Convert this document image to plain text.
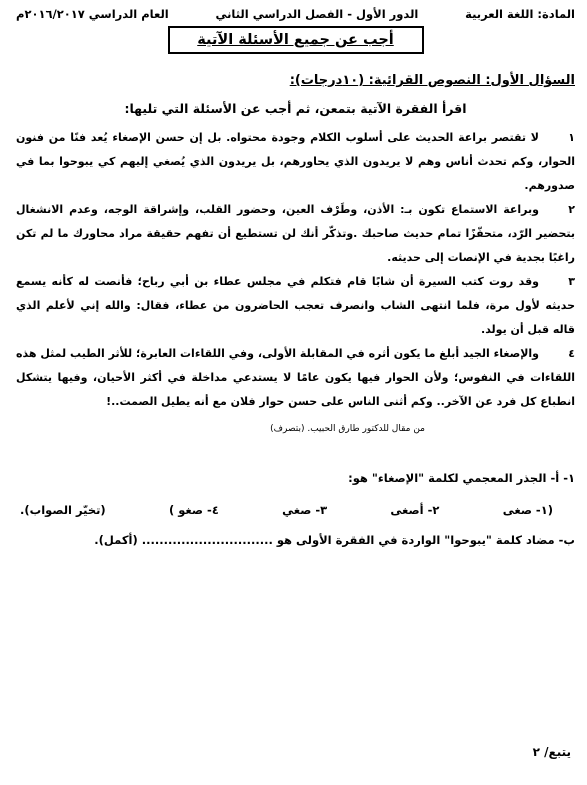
المادة: اللغة العربية
الدور الأول - الفصل الدراسي الثاني
العام الدراسي ٢٠١٦/٢٠١٧م
أجب عن جميع الأسئلة الآتية
السؤال الأول: النصوص القرائية: (١٠درجات):
اقرأ الفقرة الآتية بتمعن، ثم أجب عن الأسئلة التي تليها:

١لا تقتصر براعة الحديث على أسلوب الكلام وجودة محتواه. بل إن حسن الإصغاء يُعد فنًا من فنون الحوار، وكم تحدث أناس وهم لا يريدون الذي يحاورهم، بل يريدون الذي يُصغي إليهم كي يبوحوا بما في صدورهم.

٢وبراعة الاستماع تكون بـ: الأذن، وطَرْف العين، وحضور القلب، وإشراقة الوجه، وعدم الانشغال بتحضير الرّد، متحفّزًا تمام حديث صاحبك .وتذكّر أنك لن تستطيع أن تفهم حقيقة مراد محاورك ما لم تكن راغبًا بجدية في الإنصات إلى حديثه.

٣وقد روت كتب السيرة أن شابًا قام فتكلم في مجلس عطاء بن أبي رباح؛ فأنصت له كأنه يسمع حديثه لأول مرة، فلما انتهى الشاب وانصرف تعجب الحاضرون من عطاء، فقال: والله إني لأعلم الذي قاله قبل أن يولد.

٤والإصغاء الجيد أبلغ ما يكون أثره في المقابلة الأولى، وفي اللقاءات العابرة؛ للأثر الطيب لمثل هذه اللقاءات في النفوس؛ ولأن الحوار فيها يكون عامًا لا يستدعي مداخلة في أكثر الأحيان، وفيها يتشكل انطباع كل فرد عن الآخر.. وكم أثنى الناس على حسن حوار فلان مع أنه يطيل الصمت..!

من مقال للدكتور طارق الحبيب. (بتصرف)
١- أ- الجذر المعجمي لكلمة "الإصغاء" هو:
(١- صغى
٢- أصغى
٣- صغي
٤- صغو )
(تخيّر الصواب).
ب- مضاد كلمة "يبوحوا" الواردة في الفقرة الأولى هو .............................. (أكمل).
يتبع/ ٢
